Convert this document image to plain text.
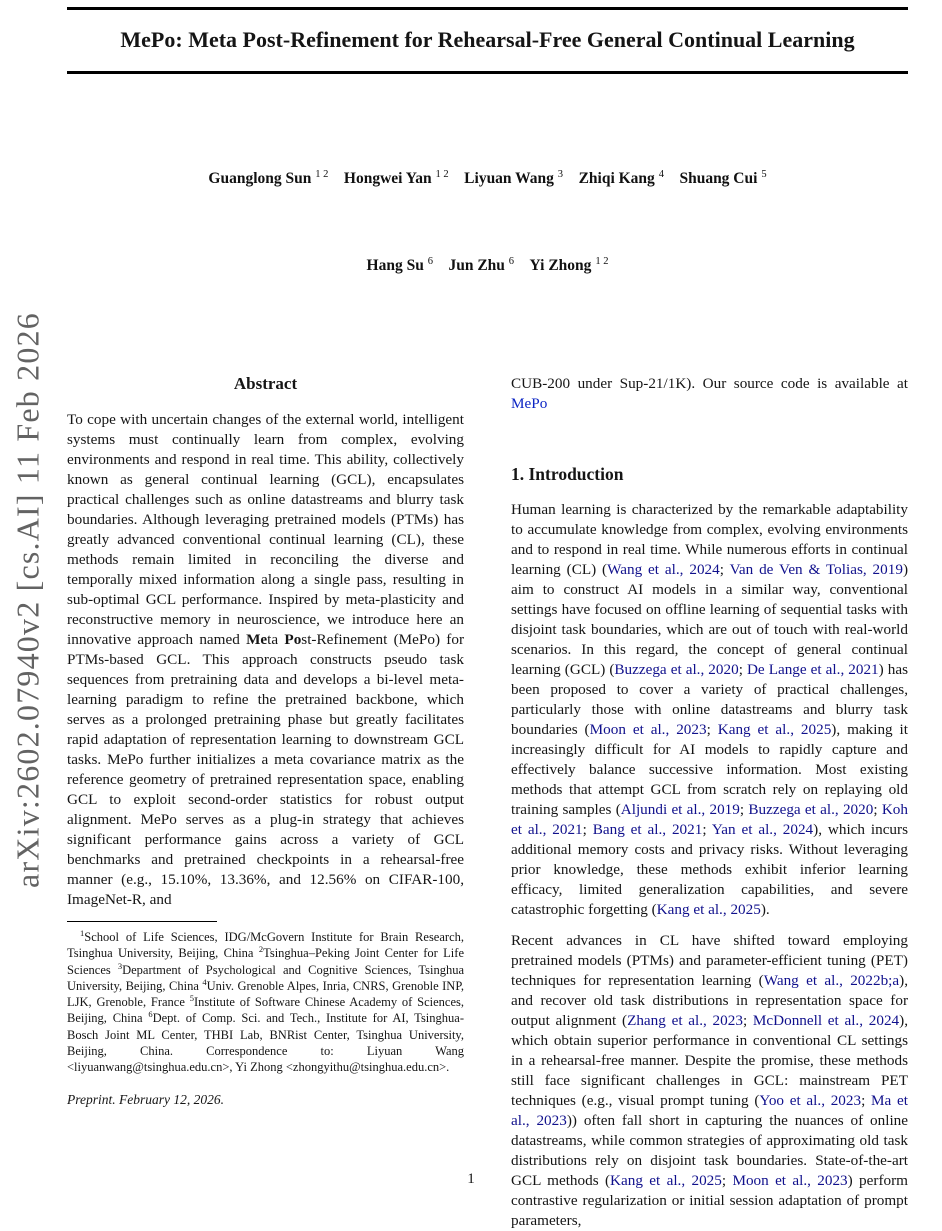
arXiv:2602.07940v2 [cs.AI] 11 Feb 2026
MePo: Meta Post-Refinement for Rehearsal-Free General Continual Learning

Guanglong Sun $^{1 2}$ Hongwei Yan $^{1 2}$ Liyuan Wang $^3$ Zhiqi Kang $^4$ Shuang Cui $^5$

Hang Su $^6$ Jun Zhu $^6$ Yi Zhong $^{1 2}$

Abstract

To cope with uncertain changes of the external world, intelligent systems must continually learn from complex, evolving environments and respond in real time. This ability, collectively known as general continual learning (GCL), encapsulates practical challenges such as online datastreams and blurry task boundaries. Although leveraging pretrained models (PTMs) has greatly advanced conventional continual learning (CL), these methods remain limited in reconciling the diverse and temporally mixed information along a single pass, resulting in sub-optimal GCL performance. Inspired by meta-plasticity and reconstructive memory in neuroscience, we introduce here an innovative approach named Meta Post-Refinement (MePo) for PTMs-based GCL. This approach constructs pseudo task sequences from pretraining data and develops a bi-level meta-learning paradigm to refine the pretrained backbone, which serves as a prolonged pretraining phase but greatly facilitates rapid adaptation of representation learning to downstream GCL tasks. MePo further initializes a meta covariance matrix as the reference geometry of pretrained representation space, enabling GCL to exploit second-order statistics for robust output alignment. MePo serves as a plug-in strategy that achieves significant performance gains across a variety of GCL benchmarks and pretrained checkpoints in a rehearsal-free manner (e.g., 15.10%, 13.36%, and 12.56% on CIFAR-100, ImageNet-R, and

$^1$School of Life Sciences, IDG/McGovern Institute for Brain Research, Tsinghua University, Beijing, China $^2$Tsinghua–Peking Joint Center for Life Sciences $^3$Department of Psychological and Cognitive Sciences, Tsinghua University, Beijing, China $^4$Univ. Grenoble Alpes, Inria, CNRS, Grenoble INP, LJK, Grenoble, France $^5$Institute of Software Chinese Academy of Sciences, Beijing, China $^6$Dept. of Comp. Sci. and Tech., Institute for AI, Tsinghua-Bosch Joint ML Center, THBI Lab, BNRist Center, Tsinghua University, Beijing, China. Correspondence to: Liyuan Wang <liyuanwang@tsinghua.edu.cn>, Yi Zhong <zhongyithu@tsinghua.edu.cn>.

Preprint. February 12, 2026.

CUB-200 under Sup-21/1K). Our source code is available at MePo

1. Introduction

Human learning is characterized by the remarkable adaptability to accumulate knowledge from complex, evolving environments and to respond in real time. While numerous efforts in continual learning (CL) (Wang et al., 2024; Van de Ven & Tolias, 2019) aim to construct AI models in a similar way, conventional settings have focused on offline learning of sequential tasks with disjoint task boundaries, which are out of touch with real-world scenarios. In this regard, the concept of general continual learning (GCL) (Buzzega et al., 2020; De Lange et al., 2021) has been proposed to cover a variety of practical challenges, particularly those with online datastreams and blurry task boundaries (Moon et al., 2023; Kang et al., 2025), making it increasingly difficult for AI models to rapidly capture and effectively balance successive information. Most existing methods that attempt GCL from scratch rely on replaying old training samples (Aljundi et al., 2019; Buzzega et al., 2020; Koh et al., 2021; Bang et al., 2021; Yan et al., 2024), which incurs additional memory costs and privacy risks. Without leveraging prior knowledge, these methods exhibit inferior learning efficacy, limited generalization capabilities, and severe catastrophic forgetting (Kang et al., 2025).

Recent advances in CL have shifted toward employing pretrained models (PTMs) and parameter-efficient tuning (PET) techniques for representation learning (Wang et al., 2022b;a), and recover old task distributions in representation space for output alignment (Zhang et al., 2023; McDonnell et al., 2024), which obtain superior performance in conventional CL settings in a rehearsal-free manner. Despite the promise, these methods still face significant challenges in GCL: mainstream PET techniques (e.g., visual prompt tuning (Yoo et al., 2023; Ma et al., 2023)) often fall short in capturing the nuances of online datastreams, while common strategies of approximating old task distributions rely on disjoint task boundaries. State-of-the-art GCL methods (Kang et al., 2025; Moon et al., 2023) perform contrastive regularization or initial session adaptation of prompt parameters,

1
